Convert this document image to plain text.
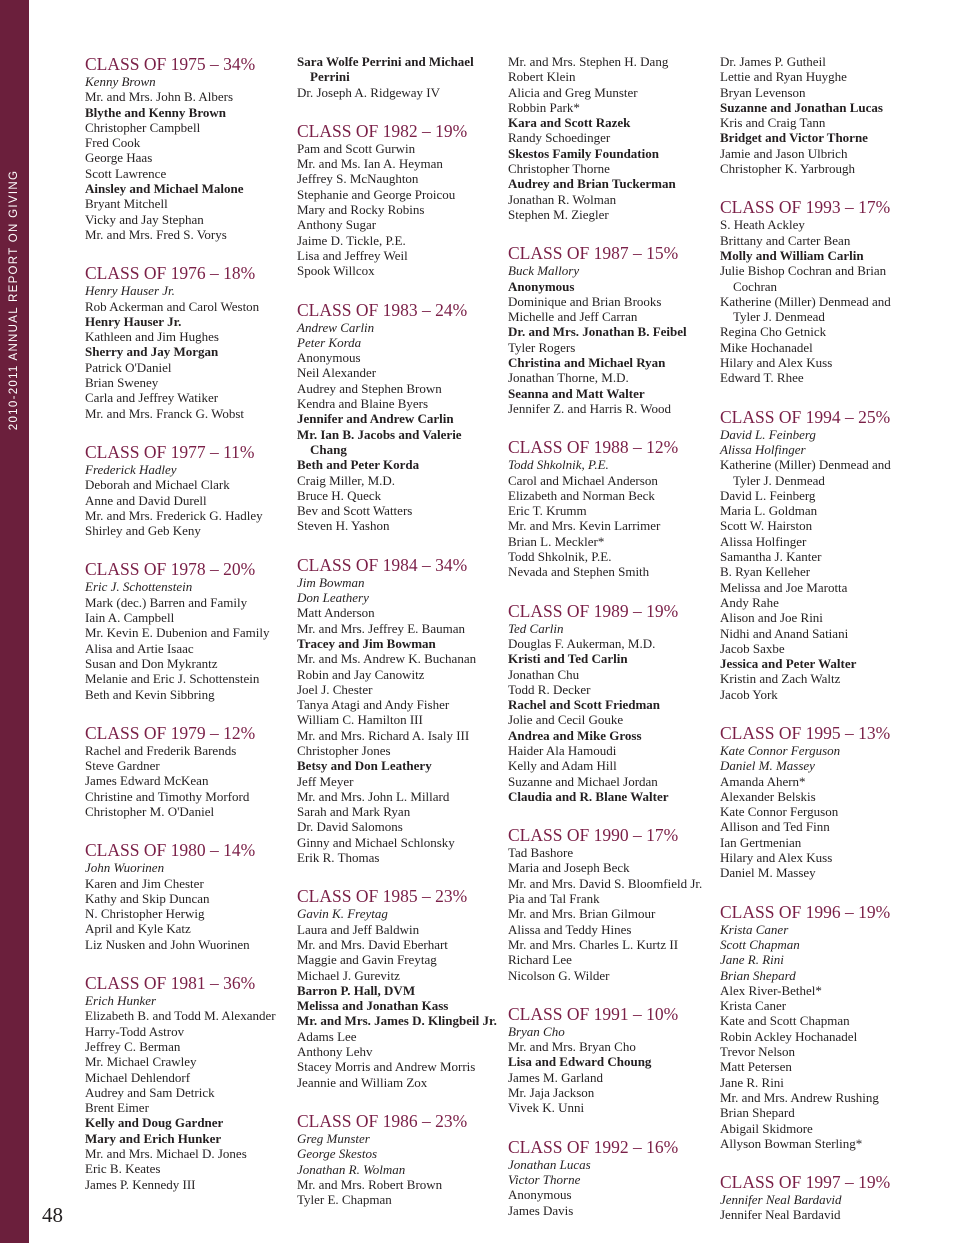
2010-2011 ANNUAL REPORT ON GIVING
CLASS OF 1975 – 34%
Kenny Brown
Mr. and Mrs. John B. Albers
Blythe and Kenny Brown
Christopher Campbell
Fred Cook
George Haas
Scott Lawrence
Ainsley and Michael Malone
Bryant Mitchell
Vicky and Jay Stephan
Mr. and Mrs. Fred S. Vorys
CLASS OF 1976 – 18%
Henry Hauser Jr.
Rob Ackerman and Carol Weston
Henry Hauser Jr.
Kathleen and Jim Hughes
Sherry and Jay Morgan
Patrick O'Daniel
Brian Sweney
Carla and Jeffrey Watiker
Mr. and Mrs. Franck G. Wobst
CLASS OF 1977 – 11%
Frederick Hadley
Deborah and Michael Clark
Anne and David Durell
Mr. and Mrs. Frederick G. Hadley
Shirley and Geb Keny
CLASS OF 1978 – 20%
Eric J. Schottenstein
Mark (dec.) Barren and Family
Iain A. Campbell
Mr. Kevin E. Dubenion and Family
Alisa and Artie Isaac
Susan and Don Mykrantz
Melanie and Eric J. Schottenstein
Beth and Kevin Sibbring
CLASS OF 1979 – 12%
Rachel and Frederik Barends
Steve Gardner
James Edward McKean
Christine and Timothy Morford
Christopher M. O'Daniel
CLASS OF 1980 – 14%
John Wuorinen
Karen and Jim Chester
Kathy and Skip Duncan
N. Christopher Herwig
April and Kyle Katz
Liz Nusken and John Wuorinen
CLASS OF 1981 – 36%
Erich Hunker
Elizabeth B. and Todd M. Alexander
Harry-Todd Astrov
Jeffrey C. Berman
Mr. Michael Crawley
Michael Dehlendorf
Audrey and Sam Detrick
Brent Eimer
Kelly and Doug Gardner
Mary and Erich Hunker
Mr. and Mrs. Michael D. Jones
Eric B. Keates
James P. Kennedy III
Sara Wolfe Perrini and Michael Perrini
Dr. Joseph A. Ridgeway IV
CLASS OF 1982 – 19%
Pam and Scott Gurwin
Mr. and Ms. Ian A. Heyman
Jeffrey S. McNaughton
Stephanie and George Proicou
Mary and Rocky Robins
Anthony Sugar
Jaime D. Tickle, P.E.
Lisa and Jeffrey Weil
Spook Willcox
CLASS OF 1983 – 24%
Andrew Carlin
Peter Korda
Anonymous
Neil Alexander
Audrey and Stephen Brown
Kendra and Blaine Byers
Jennifer and Andrew Carlin
Mr. Ian B. Jacobs and Valerie Chang
Beth and Peter Korda
Craig Miller, M.D.
Bruce H. Queck
Bev and Scott Watters
Steven H. Yashon
CLASS OF 1984 – 34%
Jim Bowman
Don Leathery
Matt Anderson
Mr. and Mrs. Jeffrey E. Bauman
Tracey and Jim Bowman
Mr. and Ms. Andrew K. Buchanan
Robin and Jay Canowitz
Joel J. Chester
Tanya Atagi and Andy Fisher
William C. Hamilton III
Mr. and Mrs. Richard A. Isaly III
Christopher Jones
Betsy and Don Leathery
Jeff Meyer
Mr. and Mrs. John L. Millard
Sarah and Mark Ryan
Dr. David Salomons
Ginny and Michael Schlonsky
Erik R. Thomas
CLASS OF 1985 – 23%
Gavin K. Freytag
Laura and Jeff Baldwin
Mr. and Mrs. David Eberhart
Maggie and Gavin Freytag
Michael J. Gurevitz
Barron P. Hall, DVM
Melissa and Jonathan Kass
Mr. and Mrs. James D. Klingbeil Jr.
Adams Lee
Anthony Lehv
Stacey Morris and Andrew Morris
Jeannie and William Zox
CLASS OF 1986 – 23%
Greg Munster
George Skestos
Jonathan R. Wolman
Mr. and Mrs. Robert Brown
Tyler E. Chapman
Mr. and Mrs. Stephen H. Dang
Robert Klein
Alicia and Greg Munster
Robbin Park*
Kara and Scott Razek
Randy Schoedinger
Skestos Family Foundation
Christopher Thorne
Audrey and Brian Tuckerman
Jonathan R. Wolman
Stephen M. Ziegler
CLASS OF 1987 – 15%
Buck Mallory
Anonymous
Dominique and Brian Brooks
Michelle and Jeff Carran
Dr. and Mrs. Jonathan B. Feibel
Tyler Rogers
Christina and Michael Ryan
Jonathan Thorne, M.D.
Seanna and Matt Walter
Jennifer Z. and Harris R. Wood
CLASS OF 1988 – 12%
Todd Shkolnik, P.E.
Carol and Michael Anderson
Elizabeth and Norman Beck
Eric T. Krumm
Mr. and Mrs. Kevin Larrimer
Brian L. Meckler*
Todd Shkolnik, P.E.
Nevada and Stephen Smith
CLASS OF 1989 – 19%
Ted Carlin
Douglas F. Aukerman, M.D.
Kristi and Ted Carlin
Jonathan Chu
Todd R. Decker
Rachel and Scott Friedman
Jolie and Cecil Gouke
Andrea and Mike Gross
Haider Ala Hamoudi
Kelly and Adam Hill
Suzanne and Michael Jordan
Claudia and R. Blane Walter
CLASS OF 1990 – 17%
Tad Bashore
Maria and Joseph Beck
Mr. and Mrs. David S. Bloomfield Jr.
Pia and Tal Frank
Mr. and Mrs. Brian Gilmour
Alissa and Teddy Hines
Mr. and Mrs. Charles L. Kurtz II
Richard Lee
Nicolson G. Wilder
CLASS OF 1991 – 10%
Bryan Cho
Mr. and Mrs. Bryan Cho
Lisa and Edward Choung
James M. Garland
Mr. Jaja Jackson
Vivek K. Unni
CLASS OF 1992 – 16%
Jonathan Lucas
Victor Thorne
Anonymous
James Davis
Dr. James P. Gutheil
Lettie and Ryan Huyghe
Bryan Levenson
Suzanne and Jonathan Lucas
Kris and Craig Tann
Bridget and Victor Thorne
Jamie and Jason Ulbrich
Christopher K. Yarbrough
CLASS OF 1993 – 17%
S. Heath Ackley
Brittany and Carter Bean
Molly and William Carlin
Julie Bishop Cochran and Brian Cochran
Katherine (Miller) Denmead and Tyler J. Denmead
Regina Cho Getnick
Mike Hochanadel
Hilary and Alex Kuss
Edward T. Rhee
CLASS OF 1994 – 25%
David L. Feinberg
Alissa Holfinger
Katherine (Miller) Denmead and Tyler J. Denmead
David L. Feinberg
Maria L. Goldman
Scott W. Hairston
Alissa Holfinger
Samantha J. Kanter
B. Ryan Kelleher
Melissa and Joe Marotta
Andy Rahe
Alison and Joe Rini
Nidhi and Anand Satiani
Jacob Saxbe
Jessica and Peter Walter
Kristin and Zach Waltz
Jacob York
CLASS OF 1995 – 13%
Kate Connor Ferguson
Daniel M. Massey
Amanda Ahern*
Alexander Belskis
Kate Connor Ferguson
Allison and Ted Finn
Ian Gertmenian
Hilary and Alex Kuss
Daniel M. Massey
CLASS OF 1996 – 19%
Krista Caner
Scott Chapman
Jane R. Rini
Brian Shepard
Alex River-Bethel*
Krista Caner
Kate and Scott Chapman
Robin Ackley Hochanadel
Trevor Nelson
Matt Petersen
Jane R. Rini
Mr. and Mrs. Andrew Rushing
Brian Shepard
Abigail Skidmore
Allyson Bowman Sterling*
CLASS OF 1997 – 19%
Jennifer Neal Bardavid
Jennifer Neal Bardavid
48
